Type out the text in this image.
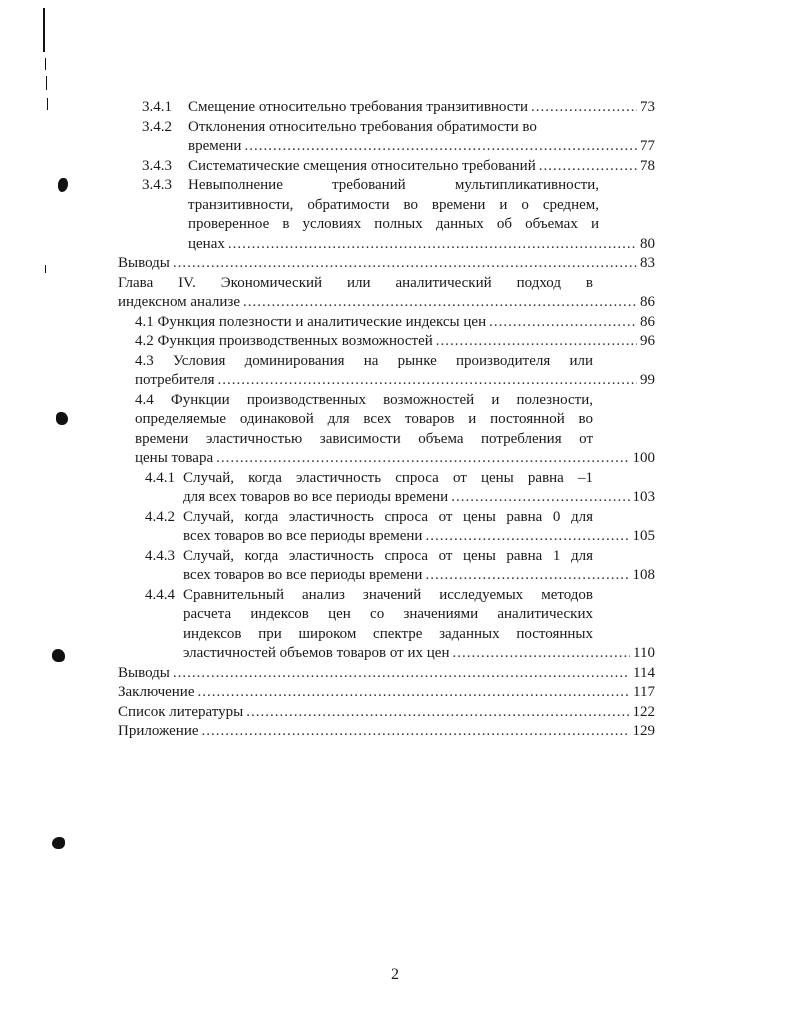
3.4.1	Смещение относительно требования транзитивности .....	73
3.4.2	Отклонения относительно требования обратимости во
времени .....	77
3.4.3	Систематические смещения относительно требований .....	78
3.4.3	Невыполнение требований мультипликативности,
транзитивности, обратимости во времени и о среднем,
проверенное в условиях полных данных об объемах и
ценах .....	80
Выводы .....	83
Глава IV. Экономический или аналитический подход в
индексном анализе .....	86
4.1 Функция полезности и аналитические индексы цен .....	86
4.2 Функция производственных возможностей .....	96
4.3 Условия доминирования на рынке производителя или
потребителя .....	99
4.4 Функции производственных возможностей и полезности,
определяемые одинаковой для всех товаров и постоянной во
времени эластичностью зависимости объема потребления от
цены товара .....	100
4.4.1 Случай, когда эластичность спроса от цены равна –1
для всех товаров во все периоды времени .....	103
4.4.2 Случай, когда эластичность спроса от цены равна 0 для
всех товаров во все периоды времени .....	105
4.4.3 Случай, когда эластичность спроса от цены равна 1 для
всех товаров во все периоды времени .....	108
4.4.4 Сравнительный анализ значений исследуемых методов
расчета индексов цен со значениями аналитических
индексов при широком спектре заданных постоянных
эластичностей объемов товаров от их цен .....	110
Выводы .....	114
Заключение .....	117
Список литературы .....	122
Приложение .....	129
2
